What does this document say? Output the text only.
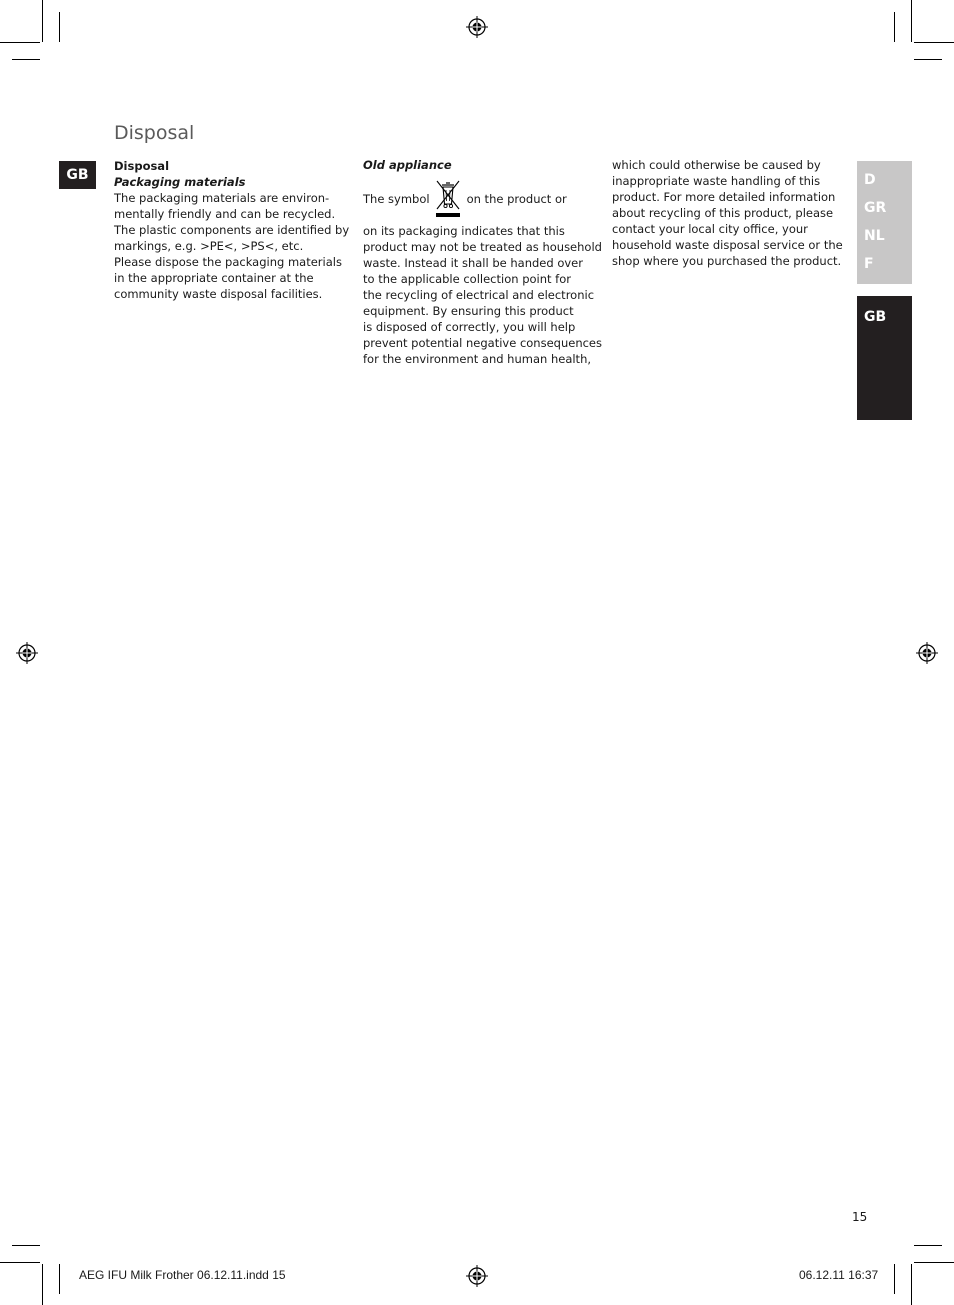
Disposal
GB

Disposal

Packaging materials

The packaging materials are environ-

mentally friendly and can be recycled.

The plastic components are identified by

markings, e.g. >PE<, >PS<, etc.

Please dispose the packaging materials

in the appropriate container at the

community waste disposal facilities.

Old appliance

The symbol	on the product or

on its packaging indicates that this

product may not be treated as household

waste. Instead it shall be handed over

to the applicable collection point for

the recycling of electrical and electronic

equipment. By ensuring this product

is disposed of correctly, you will help

prevent potential negative consequences

for the environment and human health,

which could otherwise be caused by

inappropriate waste handling of this

product. For more detailed information

about recycling of this product, please

contact your local city office, your

household waste disposal service or the

shop where you purchased the product.

D
GR
NL
F
GB
15
AEG IFU Milk Frother 06.12.11.indd 15	06.12.11 16:37
